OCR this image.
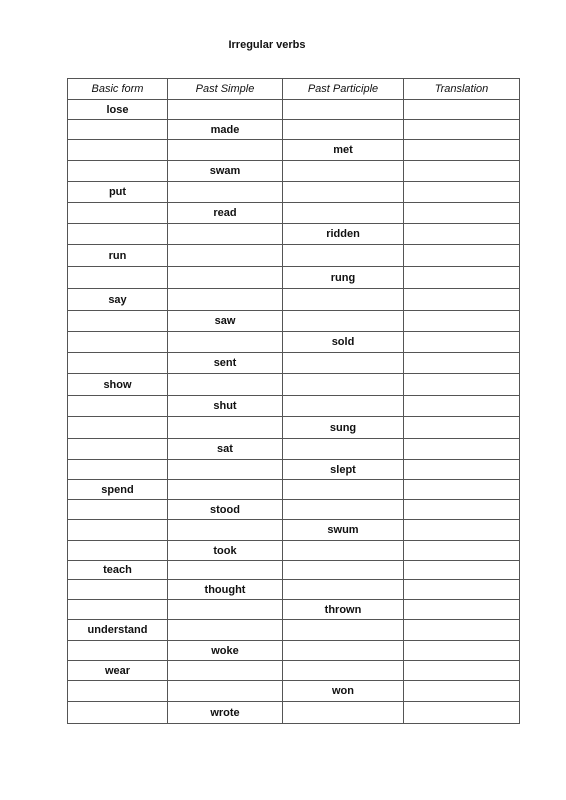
Irregular verbs
Basic form	Past Simple	Past Participle	Translation
lose			
	made		
		met	
	swam		
put			
	read		
		ridden	
run			
		rung	
say			
	saw		
		sold	
	sent		
show			
	shut		
		sung	
	sat		
		slept	
spend			
	stood		
		swum	
	took		
teach			
	thought		
		thrown	
understand			
	woke		
wear			
		won	
	wrote		
